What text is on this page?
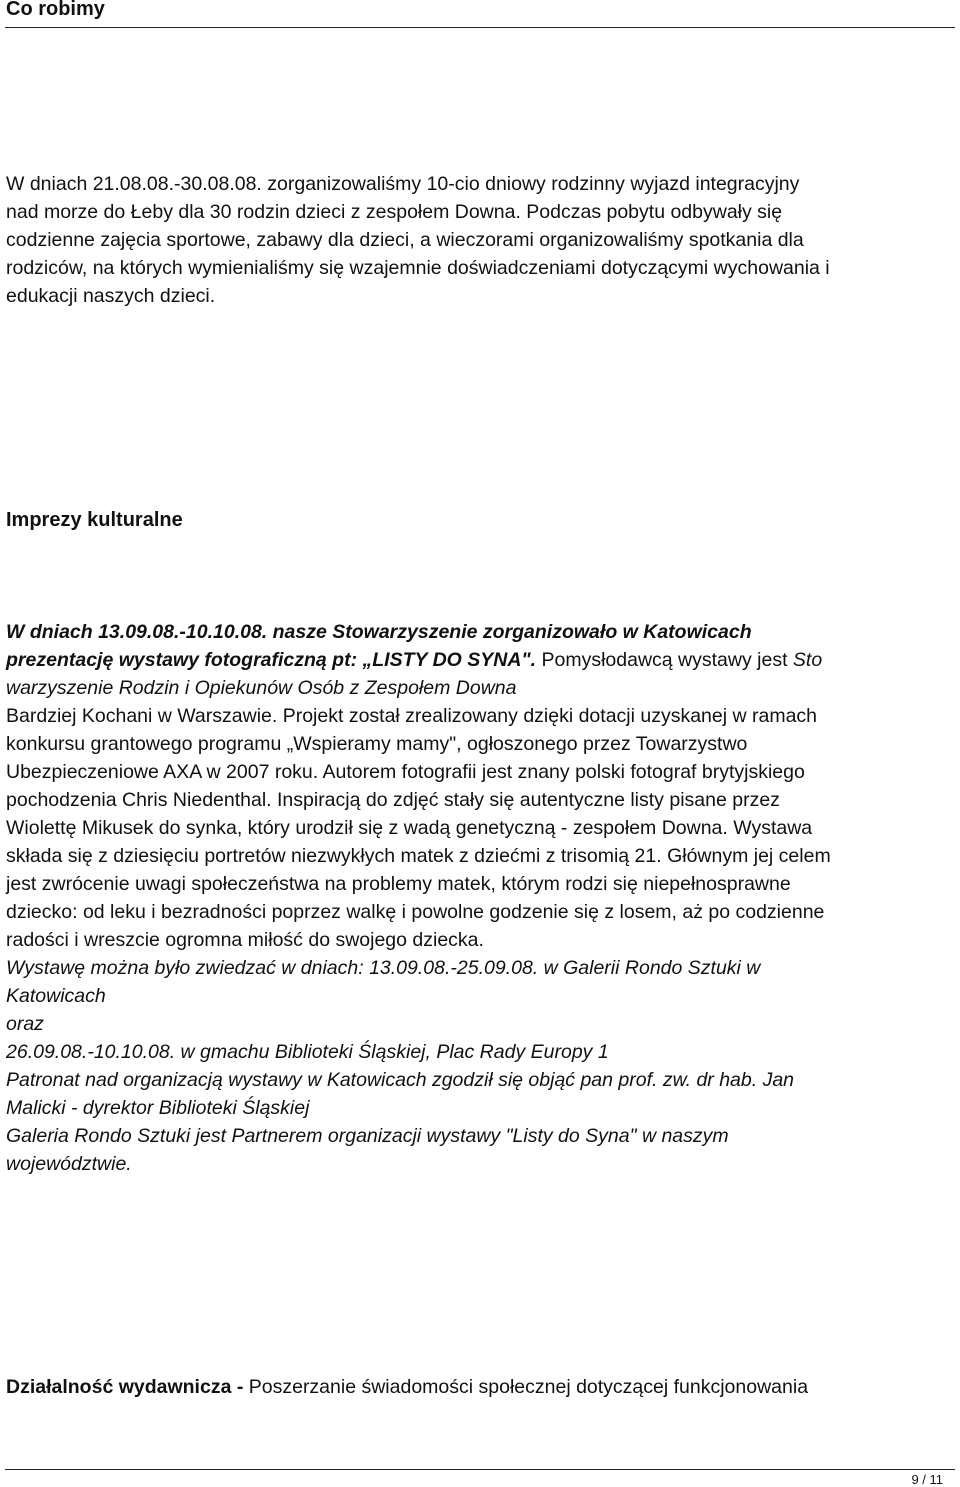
Co robimy
W dniach 21.08.08.-30.08.08. zorganizowaliśmy 10-cio dniowy rodzinny wyjazd integracyjny
nad morze do Łeby dla 30 rodzin dzieci z zespołem Downa. Podczas pobytu odbywały się
codzienne zajęcia sportowe, zabawy dla dzieci, a wieczorami organizowaliśmy spotkania dla
rodziców, na których wymienialiśmy się wzajemnie doświadczeniami dotyczącymi wychowania i
edukacji naszych dzieci.
Imprezy kulturalne
W dniach 13.09.08.-10.10.08. nasze Stowarzyszenie zorganizowało w Katowicach
prezentację wystawy fotograficzną pt: „LISTY DO SYNA". Pomysłodawcą wystawy jest Sto
warzyszenie Rodzin i Opiekunów Osób z Zespołem Downa
Bardziej Kochani w Warszawie. Projekt został zrealizowany dzięki dotacji uzyskanej w ramach
konkursu grantowego programu „Wspieramy mamy", ogłoszonego przez Towarzystwo
Ubezpieczeniowe AXA w 2007 roku. Autorem fotografii jest znany polski fotograf brytyjskiego
pochodzenia Chris Niedenthal. Inspiracją do zdjęć stały się autentyczne listy pisane przez
Wiolettę Mikusek do synka, który urodził się z wadą genetyczną - zespołem Downa. Wystawa
składa się z dziesięciu portretów niezwykłych matek z dziećmi z trisomią 21. Głównym jej celem
jest zwrócenie uwagi społeczeństwa na problemy matek, którym rodzi się niepełnosprawne
dziecko: od leku i bezradności poprzez walkę i powolne godzenie się z losem, aż po codzienne
radości i wreszcie ogromna miłość do swojego dziecka.
Wystawę można było zwiedzać w dniach: 13.09.08.-25.09.08. w Galerii Rondo Sztuki w
Katowicach
oraz
26.09.08.-10.10.08. w gmachu Biblioteki Śląskiej, Plac Rady Europy 1
Patronat nad organizacją wystawy w Katowicach zgodził się objąć pan prof. zw. dr hab. Jan
Malicki - dyrektor Biblioteki Śląskiej
Galeria Rondo Sztuki jest Partnerem organizacji wystawy "Listy do Syna" w naszym
województwie.
Działalność wydawnicza - Poszerzanie świadomości społecznej dotyczącej funkcjonowania
9 / 11
